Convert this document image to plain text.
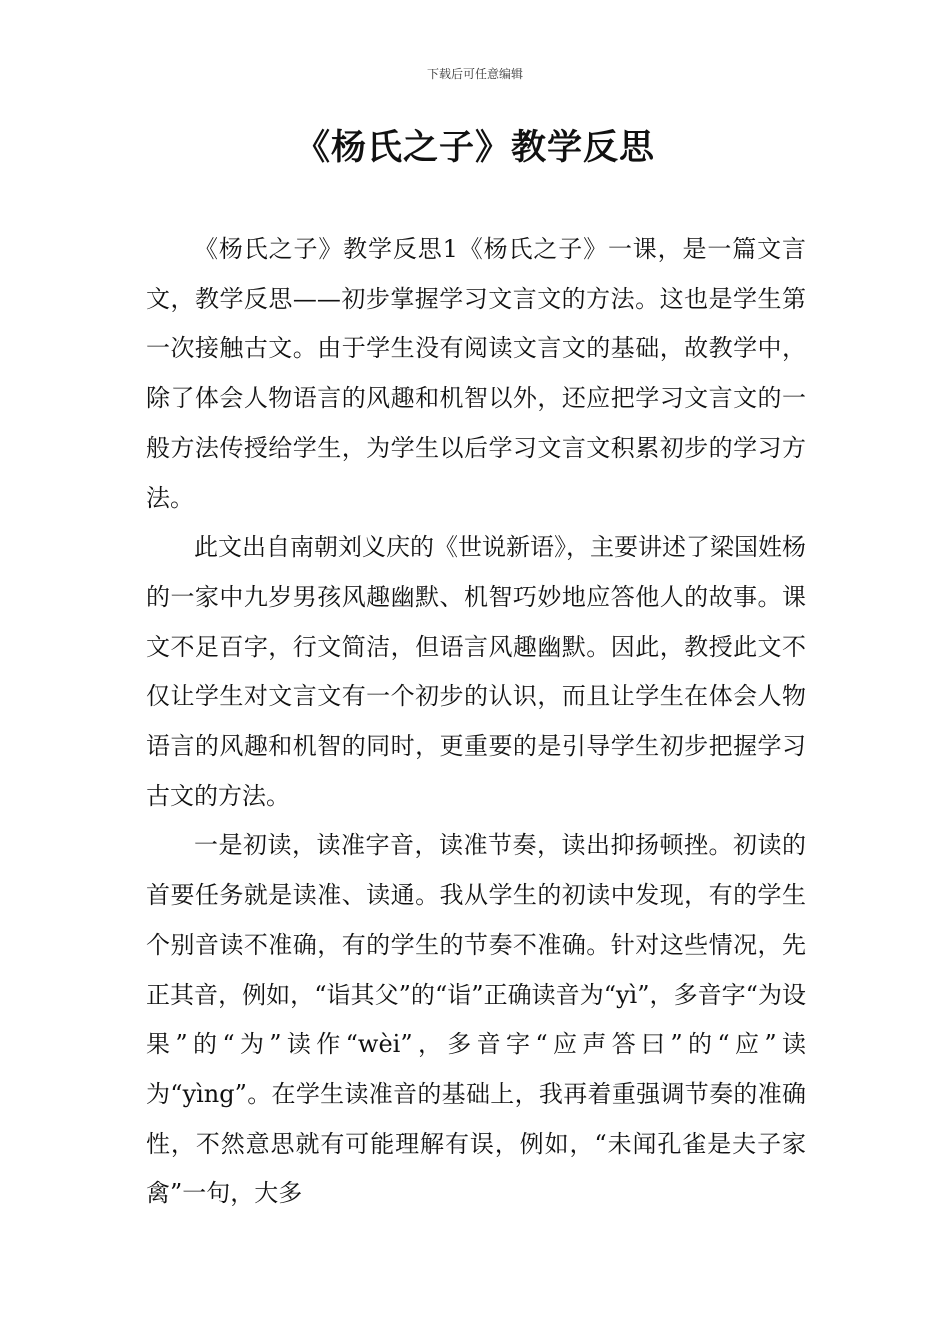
下载后可任意编辑
《杨氏之子》教学反思

《杨氏之子》教学反思1《杨氏之子》一课，是一篇文言文，教学反思——初步掌握学习文言文的方法。这也是学生第一次接触古文。由于学生没有阅读文言文的基础，故教学中，除了体会人物语言的风趣和机智以外，还应把学习文言文的一般方法传授给学生，为学生以后学习文言文积累初步的学习方法。

此文出自南朝刘义庆的《世说新语》，主要讲述了梁国姓杨的一家中九岁男孩风趣幽默、机智巧妙地应答他人的故事。课文不足百字，行文简洁，但语言风趣幽默。因此，教授此文不仅让学生对文言文有一个初步的认识，而且让学生在体会人物语言的风趣和机智的同时，更重要的是引导学生初步把握学习古文的方法。

一是初读，读准字音，读准节奏，读出抑扬顿挫。初读的首要任务就是读准、读通。我从学生的初读中发现，有的学生个别音读不准确，有的学生的节奏不准确。针对这些情况，先正其音，例如，“诣其父”的“诣”正确读音为“yì”，多音字“为设果”的“为”读作“wèi”，多音字“应声答曰”的“应”读为“yìng”。在学生读准音的基础上，我再着重强调节奏的准确性，不然意思就有可能理解有误，例如，“未闻孔雀是夫子家禽”一句，大多
